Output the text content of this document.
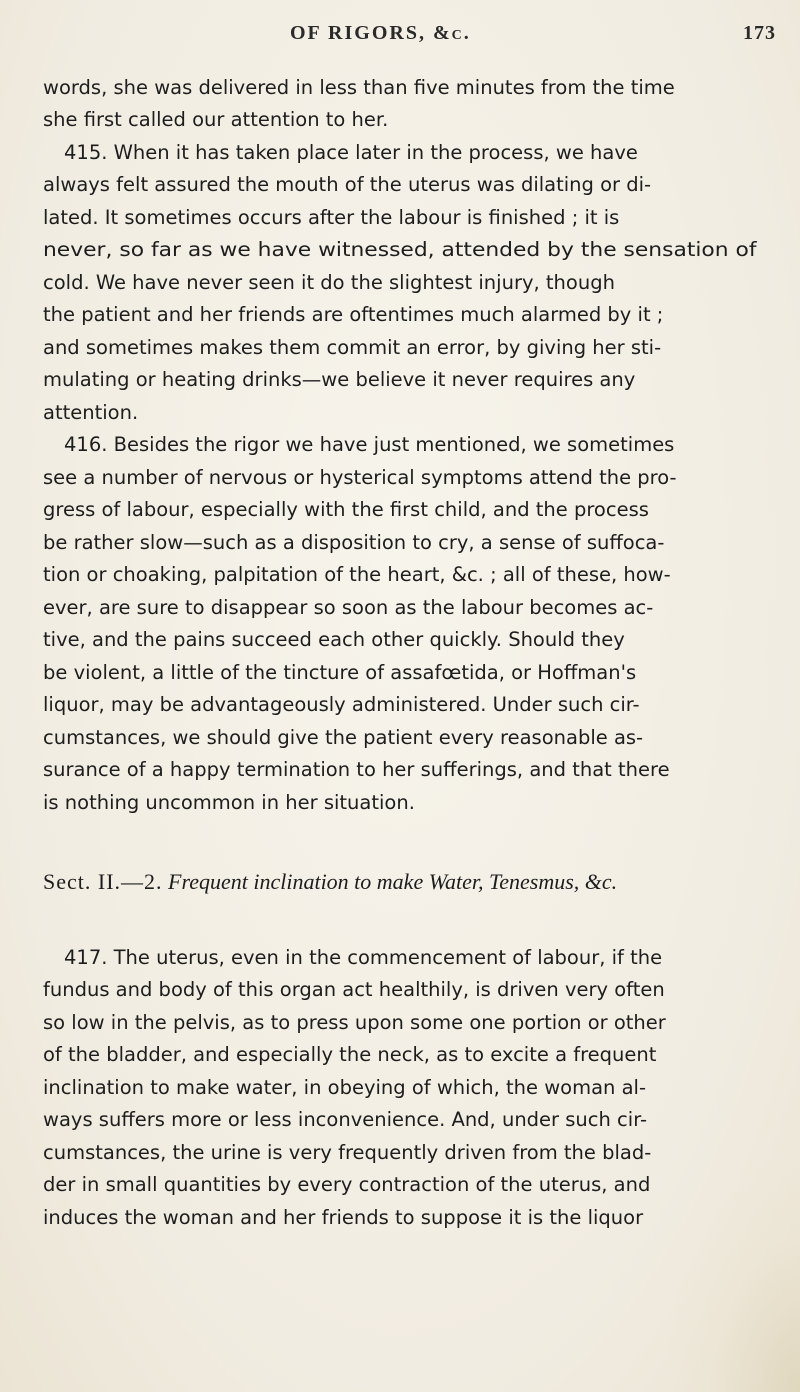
OF RIGORS, &c.	173
words, she was delivered in less than five minutes from the time
she first called our attention to her.
415. When it has taken place later in the process, we have
always felt assured the mouth of the uterus was dilating or di-
lated. It sometimes occurs after the labour is finished ; it is
never, so far as we have witnessed, attended by the sensation of
cold. We have never seen it do the slightest injury, though
the patient and her friends are oftentimes much alarmed by it ;
and sometimes makes them commit an error, by giving her sti-
mulating or heating drinks—we believe it never requires any
attention.
416. Besides the rigor we have just mentioned, we sometimes
see a number of nervous or hysterical symptoms attend the pro-
gress of labour, especially with the first child, and the process
be rather slow—such as a disposition to cry, a sense of suffoca-
tion or choaking, palpitation of the heart, &c. ; all of these, how-
ever, are sure to disappear so soon as the labour becomes ac-
tive, and the pains succeed each other quickly. Should they
be violent, a little of the tincture of assafœtida, or Hoffman's
liquor, may be advantageously administered. Under such cir-
cumstances, we should give the patient every reasonable as-
surance of a happy termination to her sufferings, and that there
is nothing uncommon in her situation.
Sect. II.—2. Frequent inclination to make Water, Tenesmus, &c.
417. The uterus, even in the commencement of labour, if the
fundus and body of this organ act healthily, is driven very often
so low in the pelvis, as to press upon some one portion or other
of the bladder, and especially the neck, as to excite a frequent
inclination to make water, in obeying of which, the woman al-
ways suffers more or less inconvenience. And, under such cir-
cumstances, the urine is very frequently driven from the blad-
der in small quantities by every contraction of the uterus, and
induces the woman and her friends to suppose it is the liquor
